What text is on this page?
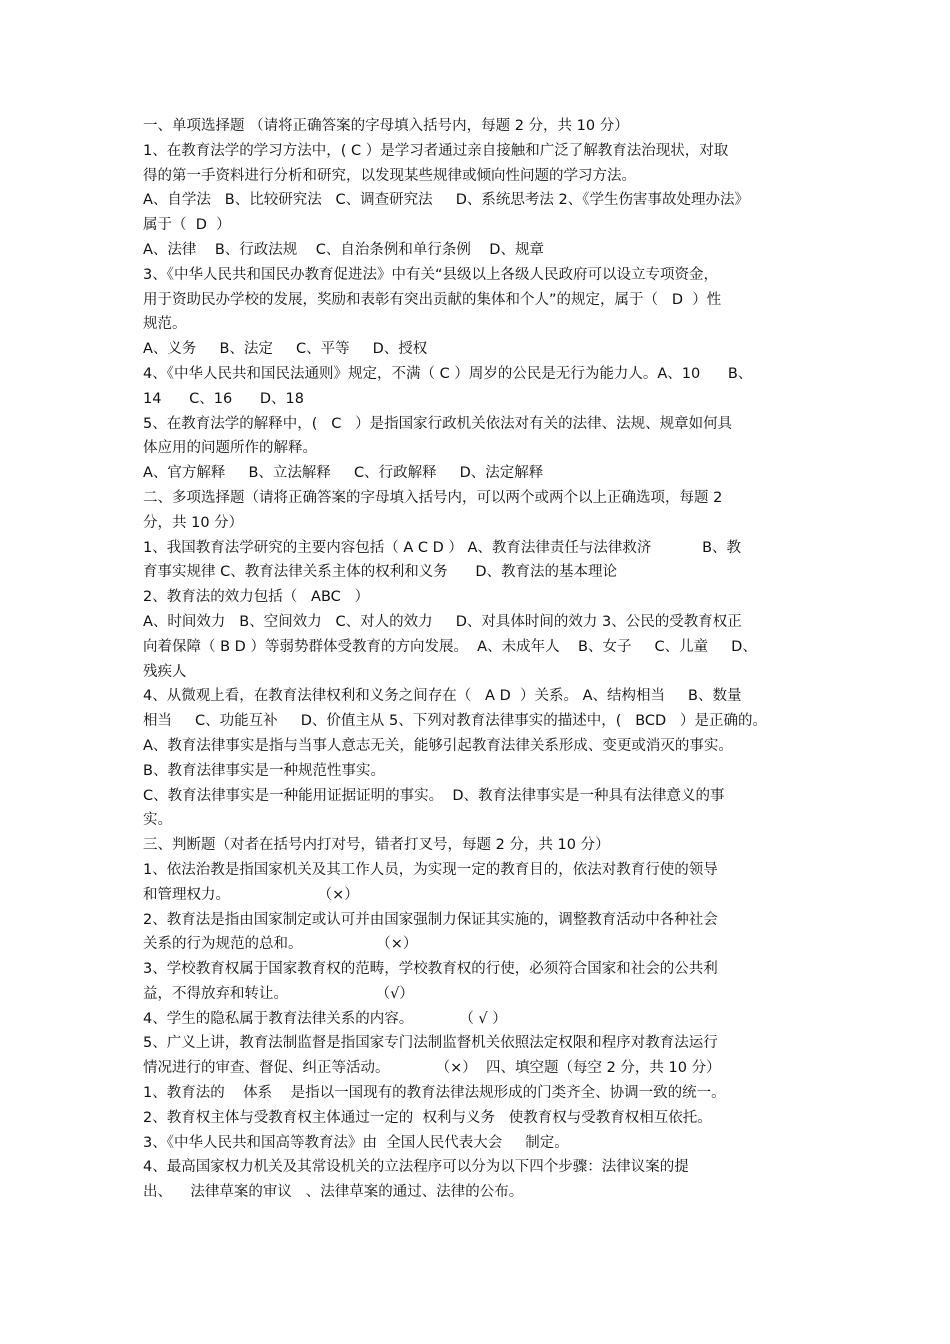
一、单项选择题 （请将正确答案的字母填入括号内，每题 2 分，共 10 分）
1、在教育法学的学习方法中，( C ）是学习者通过亲自接触和广泛了解教育法治现状，对取
得的第一手资料进行分析和研究，以发现某些规律或倾向性问题的学习方法。
A、自学法   B、比较研究法   C、调查研究法     D、系统思考法 2、《学生伤害事故处理办法》
属于（  D  ）
A、法律    B、行政法规    C、自治条例和单行条例    D、规章
3、《中华人民共和国民办教育促进法》中有关“县级以上各级人民政府可以设立专项资金，
用于资助民办学校的发展，奖励和表彰有突出贡献的集体和个人”的规定，属于（   D  ）性
规范。
A、义务     B、法定     C、平等     D、授权
4、《中华人民共和国民法通则》规定，不满（ C ）周岁的公民是无行为能力人。A、10      B、
14      C、16      D、18
5、在教育法学的解释中，(   C   ）是指国家行政机关依法对有关的法律、法规、规章如何具
体应用的问题所作的解释。
A、官方解释     B、立法解释     C、行政解释     D、法定解释
二、多项选择题（请将正确答案的字母填入括号内，可以两个或两个以上正确选项，每题 2
分，共 10 分）
1、我国教育法学研究的主要内容包括（ A C D ） A、教育法律责任与法律救济           B、教
育事实规律 C、教育法律关系主体的权利和义务      D、教育法的基本理论
2、教育法的效力包括（   ABC   ）
A、时间效力   B、空间效力   C、对人的效力     D、对具体时间的效力 3、公民的受教育权正
向着保障（ B D ）等弱势群体受教育的方向发展。  A、未成年人    B、女子     C、儿童     D、
残疾人
4、从微观上看，在教育法律权利和义务之间存在（   A D  ）关系。 A、结构相当     B、数量
相当     C、功能互补     D、价值主从 5、下列对教育法律事实的描述中，(   BCD   ）是正确的。
A、教育法律事实是指与当事人意志无关，能够引起教育法律关系形成、变更或消灭的事实。
B、教育法律事实是一种规范性事实。
C、教育法律事实是一种能用证据证明的事实。  D、教育法律事实是一种具有法律意义的事
实。
三、判断题（对者在括号内打对号，错者打叉号，每题 2 分，共 10 分）
1、依法治教是指国家机关及其工作人员，为实现一定的教育目的，依法对教育行使的领导
和管理权力。                   （×）
2、教育法是指由国家制定或认可并由国家强制力保证其实施的，调整教育活动中各种社会
关系的行为规范的总和。                （×）
3、学校教育权属于国家教育权的范畴，学校教育权的行使，必须符合国家和社会的公共利
益，不得放弃和转让。                   （√）
4、学生的隐私属于教育法律关系的内容。          （ √ ）
5、广义上讲，教育法制监督是指国家专门法制监督机关依照法定权限和程序对教育法运行
情况进行的审查、督促、纠正等活动。          （×）  四、填空题（每空 2 分，共 10 分）
1、教育法的    体系    是指以一国现有的教育法律法规形成的门类齐全、协调一致的统一。
2、教育权主体与受教育权主体通过一定的  权利与义务   使教育权与受教育权相互依托。
3、《中华人民共和国高等教育法》由  全国人民代表大会     制定。
4、最高国家权力机关及其常设机关的立法程序可以分为以下四个步骤：法律议案的提
出、    法律草案的审议   、法律草案的通过、法律的公布。
